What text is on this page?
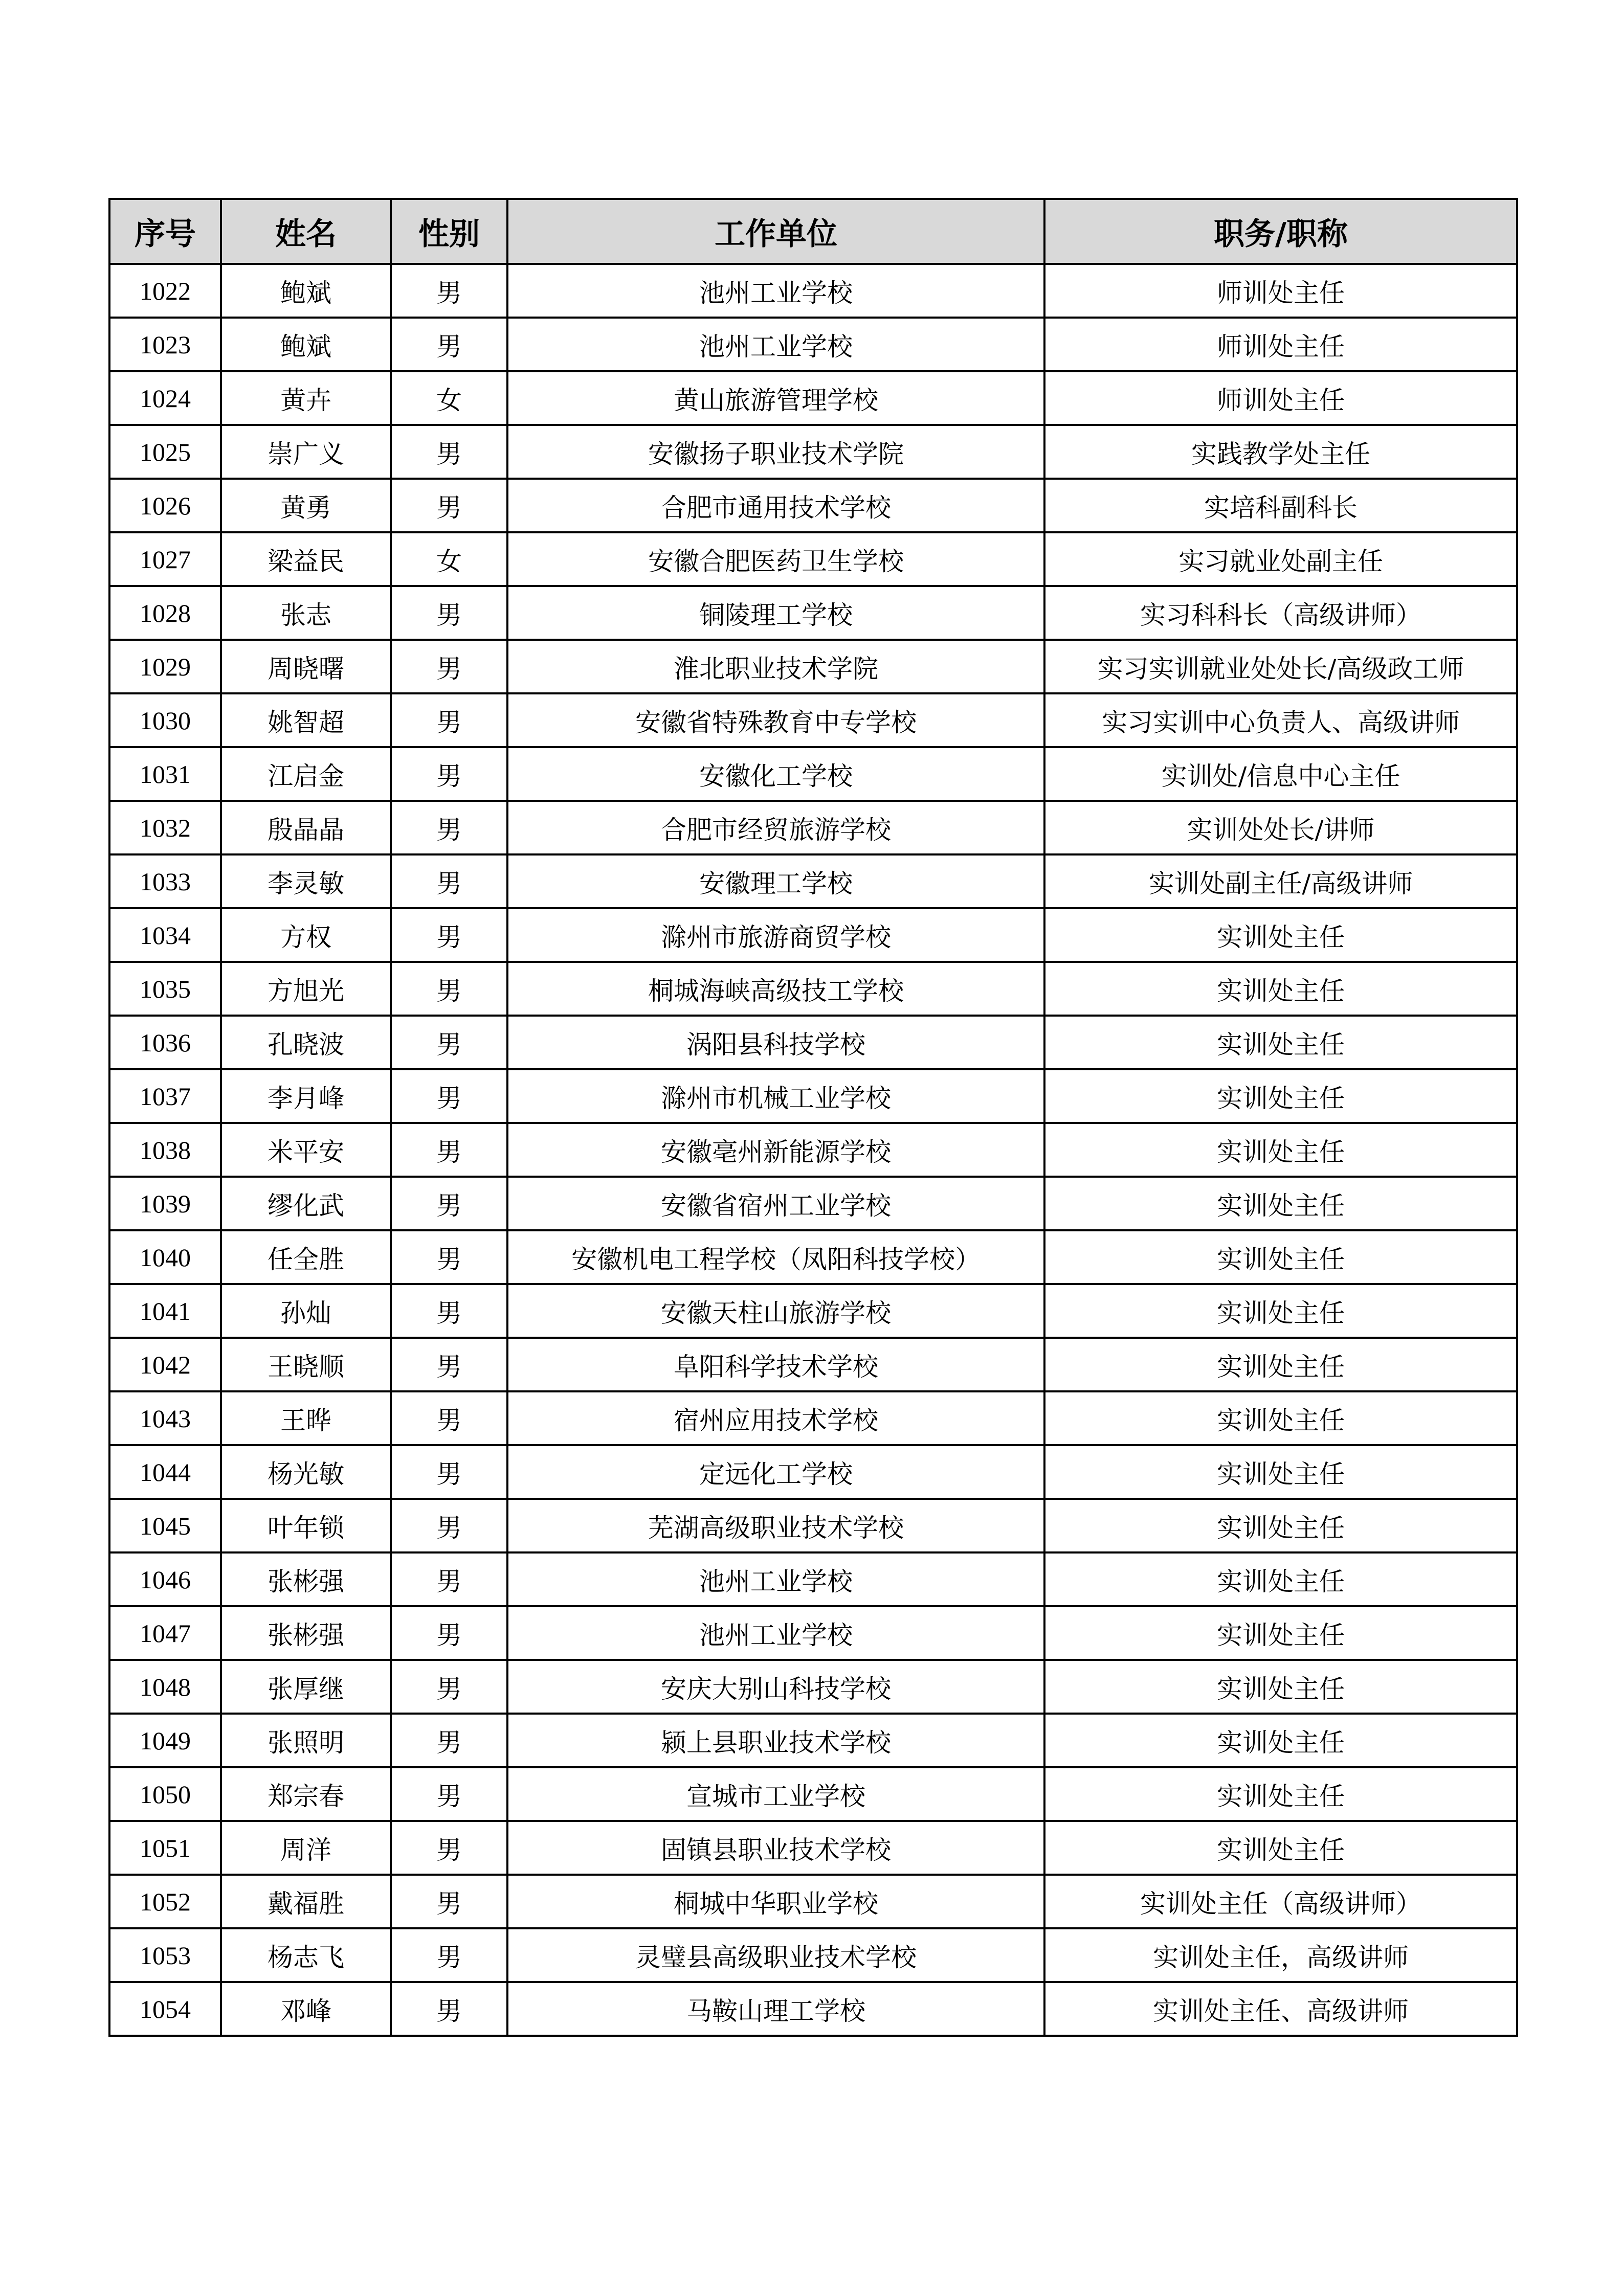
序号	姓名	性别	工作单位	职务/职称
1022	鲍斌	男	池州工业学校	师训处主任
1023	鲍斌	男	池州工业学校	师训处主任
1024	黄卉	女	黄山旅游管理学校	师训处主任
1025	崇广义	男	安徽扬子职业技术学院	实践教学处主任
1026	黄勇	男	合肥市通用技术学校	实培科副科长
1027	梁益民	女	安徽合肥医药卫生学校	实习就业处副主任
1028	张志	男	铜陵理工学校	实习科科长（高级讲师）
1029	周晓曙	男	淮北职业技术学院	实习实训就业处处长/高级政工师
1030	姚智超	男	安徽省特殊教育中专学校	实习实训中心负责人、高级讲师
1031	江启金	男	安徽化工学校	实训处/信息中心主任
1032	殷晶晶	男	合肥市经贸旅游学校	实训处处长/讲师
1033	李灵敏	男	安徽理工学校	实训处副主任/高级讲师
1034	方权	男	滁州市旅游商贸学校	实训处主任
1035	方旭光	男	桐城海峡高级技工学校	实训处主任
1036	孔晓波	男	涡阳县科技学校	实训处主任
1037	李月峰	男	滁州市机械工业学校	实训处主任
1038	米平安	男	安徽亳州新能源学校	实训处主任
1039	缪化武	男	安徽省宿州工业学校	实训处主任
1040	任全胜	男	安徽机电工程学校（凤阳科技学校）	实训处主任
1041	孙灿	男	安徽天柱山旅游学校	实训处主任
1042	王晓顺	男	阜阳科学技术学校	实训处主任
1043	王晔	男	宿州应用技术学校	实训处主任
1044	杨光敏	男	定远化工学校	实训处主任
1045	叶年锁	男	芜湖高级职业技术学校	实训处主任
1046	张彬强	男	池州工业学校	实训处主任
1047	张彬强	男	池州工业学校	实训处主任
1048	张厚继	男	安庆大别山科技学校	实训处主任
1049	张照明	男	颍上县职业技术学校	实训处主任
1050	郑宗春	男	宣城市工业学校	实训处主任
1051	周洋	男	固镇县职业技术学校	实训处主任
1052	戴福胜	男	桐城中华职业学校	实训处主任（高级讲师）
1053	杨志飞	男	灵璧县高级职业技术学校	实训处主任，高级讲师
1054	邓峰	男	马鞍山理工学校	实训处主任、高级讲师
